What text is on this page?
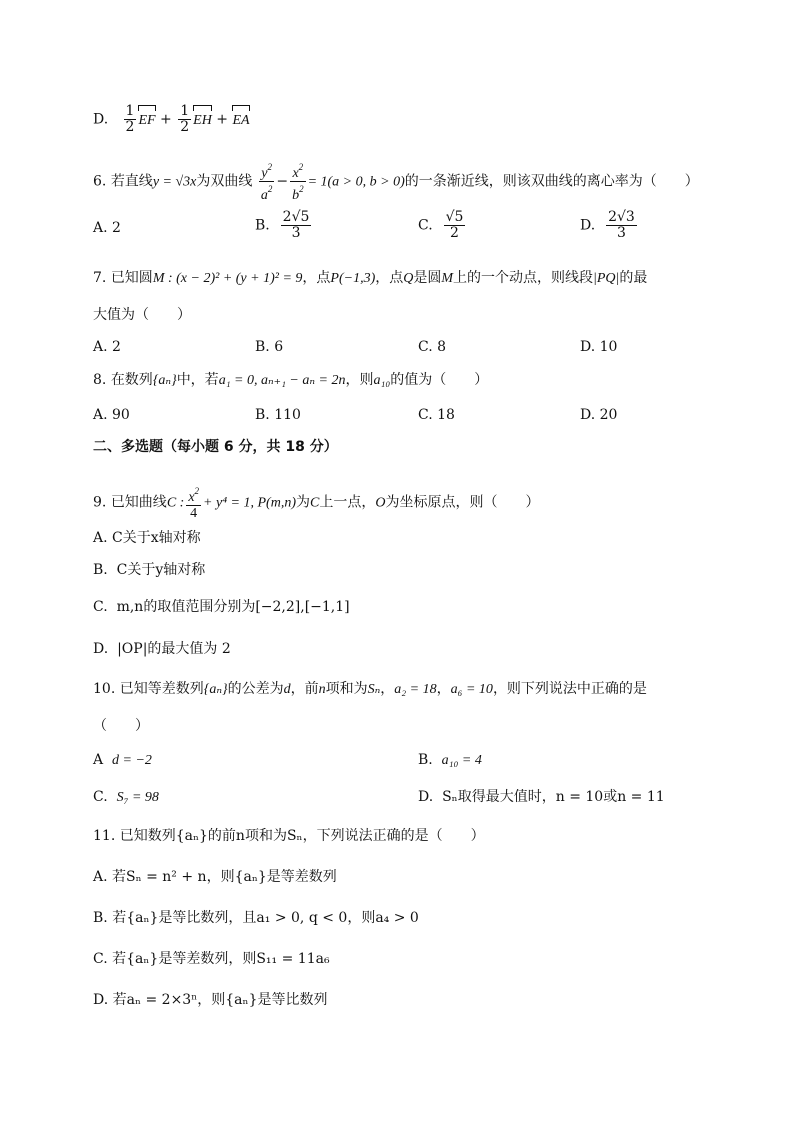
D. $\frac{1}{2}$ EF + $\frac{1}{2}$ EH + EA
6. 若直线y = √3x为双曲线 $\frac{y^2}{a^2} - \frac{x^2}{b^2} = 1(a > 0$, b > 0)的一条渐近线，则该双曲线的离心率为（　　）
A. 2	B. $\frac{2√5}{3}$	C. $\frac{√5}{2}$	D. $\frac{2√3}{3}$
7. 已知圆M : (x − 2)² + (y + 1)² = 9，点P(−1,3)，点Q是圆M上的一个动点，则线段|PQ|的最
大值为（　　）
A. 2	B. 6	C. 8	D. 10
8. 在数列{aₙ}中，若a₁ = 0, aₙ₊₁ − aₙ = 2n，则a₁₀的值为（　　）
A. 90	B. 110	C. 18	D. 20
二、多选题（每小题 6 分，共 18 分）
9. 已知曲线C : $\frac{x^2}{4} + y^4 = 1$, P(m,n)为C上一点，O为坐标原点，则（　　）
A. C关于x轴对称
B. C关于y轴对称
C. m,n的取值范围分别为[−2,2],[−1,1]
D. |OP|的最大值为 2
10. 已知等差数列{aₙ}的公差为d，前n项和为Sₙ，a₂ = 18，a₆ = 10，则下列说法中正确的是
（　　）
A d = −2	B. a₁₀ = 4
C. S₇ = 98	D. Sₙ取得最大值时，n = 10或n = 11
11. 已知数列{aₙ}的前n项和为Sₙ，下列说法正确的是（　　）
A. 若Sₙ = n² + n，则{aₙ}是等差数列
B. 若{aₙ}是等比数列，且a₁ > 0, q < 0，则a₄ > 0
C. 若{aₙ}是等差数列，则S₁₁ = 11a₆
D. 若aₙ = 2×3ⁿ，则{aₙ}是等比数列
